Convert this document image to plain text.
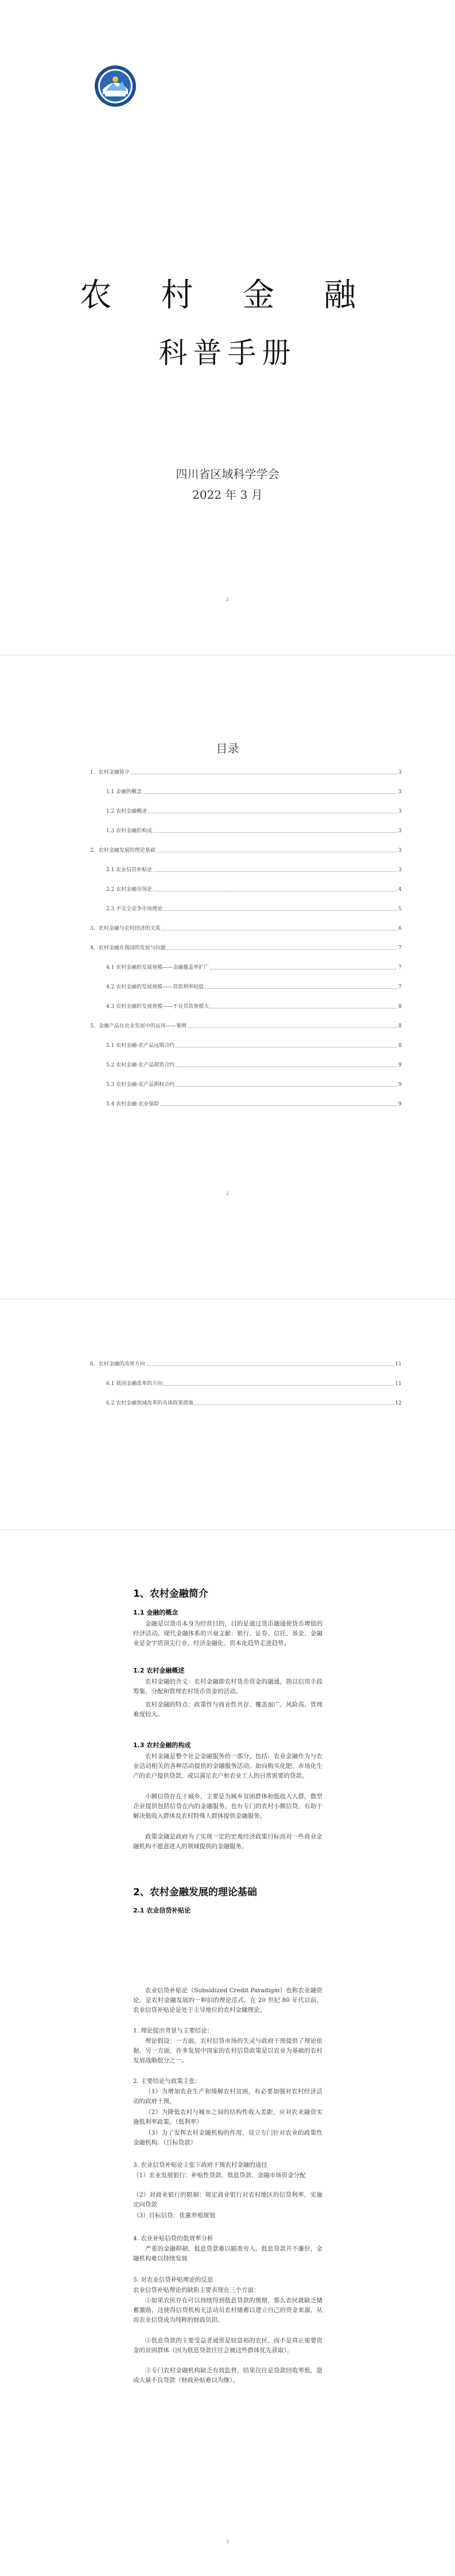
农 村 金 融
科普手册
四川省区域科学学会
2022 年 3 月
2
目录
1、农村金融简介	3
1.1 金融的概念	3
1.2 农村金融概述	3
1.3 农村金融的构成	3
2、农村金融发展的理论基础	3
2.1 农业信贷补贴论	3
2.2 农村金融市场论	4
2.3 不完全竞争市场理论	5
3、农村金融与农村经济的关系	6
4、农村金融在我国的发展与问题	7
4.1 农村金融的发展规模——金融覆盖率扩广	7
4.2 农村金融的发展规模——贷款利率较低	7
4.3 农村金融的发展规模——不良贷款规模大	8
5、金融产品在农业发展中的运用——案例	8
5.1 农村金融-农产品远期合约	8
5.2 农村金融-农产品期货合约	9
5.3 农村金融-农产品期权合约	9
5.4 农村金融-农业保险	9
2
6、农村金融的改革方向	11
6.1 我国金融改革的方向	11
6.2 农村金融领域改革的具体政策措施	12
1、农村金融简介
1.1 金融的概念

金融是以货币本身为经营目的，目的是通过货币融通使货币增值的经济活动。现代金融体系的兴衰文献：银行、证券、信托、基金、金融业是金字塔顶尖行业、经济金融化、资本化趋势走进趋势。

1.2 农村金融概述

农村金融的含义：农村金融即农村货币资金的融通，指以信用手段筹集、分配和管理农村货币资金的活动。

农村金融的特点：政策性与商业性共存、覆盖面广、风险高、管理难度较大。

1.3 农村金融的构成

农村金融是整个社会金融服务的一部分，包括：农业金融作为与农业活动相关的各种活动提供的金融服务活动。如向购买化肥、市场化生产的农户提供贷款，或以满足农户和农业工人的日常需要的贷款。

小额信贷存在于城乡，主要是为城乡贫困群体和低收入人群，微型企业提供包括信贷在内的金融服务，也有专门的农村小额信贷，有助于解决低收入群体及农村特殊人群体提供金融服务。

政策金融是政府为了实现一定的宏观经济政策目标而对一些商业金融机构不愿意进入的领域提供的金融服务。

2、农村金融发展的理论基础
2.1 农业信贷补贴论

农业信贷补贴论（Subsidized Credit Paradigm）也称农业融资论，是农村金融发展的一种旧的理论范式，在 20 世纪 80 年代以前，农业信贷补贴论是处于主导地位的农村金融理论。

1. 理论提出背景与主要结论：

理论假设：一方面，农村信贷市场的失灵与政府干预提供了理论依据，另一方面，许多发展中国家的农村信贷政策是以农业为基础的农村发展战略组分之一。

2. 主要结论与政策主张：

（1）为增加农业生产和缓解农村贫困，有必要加强对农村经济活动的政府干预。

（2）为降低农村与城市之间的结构性收入差距，应对农业融资实施低利率政策。（低利率）

（3）为了发挥农村金融机构的作用，设立专门针对农业的政策性金融机构。（目标贷款）

3. 农业信贷补贴论主张下政府干预农村金融的途径

（1）农业发展银行：补贴性贷款、低息贷款、金融市场资金分配

（2）对商业银行的限制：规定商业银行对农村地区的信贷利率，实施定向贷款

（3）目标信贷：优惠养殖规划

4. 农业补贴信贷的低效率分析

严重的金融抑制，低息贷款难以瞄准穷人，低息贷款并不廉价，金融机构难以持续发展

5. 对农业信贷补贴理论的反思

农业信贷补贴理论的缺陷主要表现在三个方面：

①如果农民存在可以持续得到低息贷款的预期，那么农民就缺乏储蓄激励，这使得信贷机构无法动员农村储蓄以建立自己的资金来源，从而农业信贷成为纯粹的财政负担。

②低息贷款的主要受益者通常是较富裕的农民，而不是真正需要资金的贫困群体（因为低息贷款往往会被这些群体优先获取）。

③专门农村金融机构缺乏有效监督，结果往往是贷款回收率低，造成大量不良贷款（财政补贴难以为继）。

3
